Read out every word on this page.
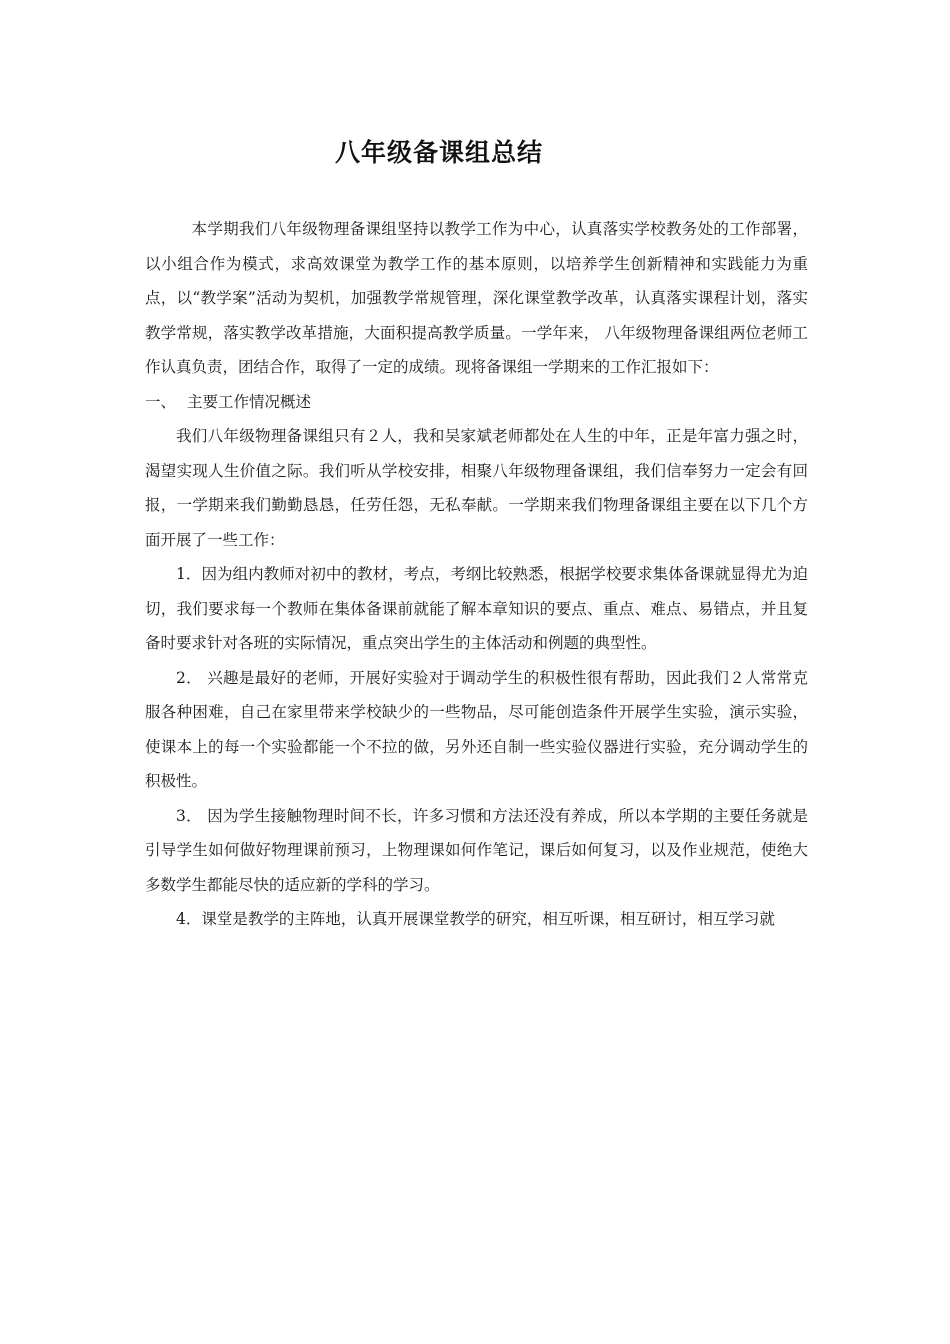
八年级备课组总结

本学期我们八年级物理备课组坚持以教学工作为中心，认真落实学校教务处的工作部署，以小组合作为模式，求高效课堂为教学工作的基本原则，以培养学生创新精神和实践能力为重点，以“教学案”活动为契机，加强教学常规管理，深化课堂教学改革，认真落实课程计划，落实教学常规，落实教学改革措施，大面积提高教学质量。一学年来， 八年级物理备课组两位老师工作认真负责，团结合作，取得了一定的成绩。现将备课组一学期来的工作汇报如下：

一、 主要工作情况概述

我们八年级物理备课组只有２人，我和吴家斌老师都处在人生的中年，正是年富力强之时，渴望实现人生价值之际。我们听从学校安排，相聚八年级物理备课组，我们信奉努力一定会有回报，一学期来我们勤勤恳恳，任劳任怨，无私奉献。一学期来我们物理备课组主要在以下几个方面开展了一些工作：

1．因为组内教师对初中的教材，考点，考纲比较熟悉，根据学校要求集体备课就显得尤为迫切，我们要求每一个教师在集体备课前就能了解本章知识的要点、重点、难点、易错点，并且复备时要求针对各班的实际情况，重点突出学生的主体活动和例题的典型性。

2． 兴趣是最好的老师，开展好实验对于调动学生的积极性很有帮助，因此我们２人常常克服各种困难，自己在家里带来学校缺少的一些物品，尽可能创造条件开展学生实验，演示实验，使课本上的每一个实验都能一个不拉的做，另外还自制一些实验仪器进行实验，充分调动学生的积极性。

3． 因为学生接触物理时间不长，许多习惯和方法还没有养成，所以本学期的主要任务就是引导学生如何做好物理课前预习，上物理课如何作笔记，课后如何复习，以及作业规范，使绝大多数学生都能尽快的适应新的学科的学习。

4．课堂是教学的主阵地，认真开展课堂教学的研究，相互听课，相互研讨，相互学习就
